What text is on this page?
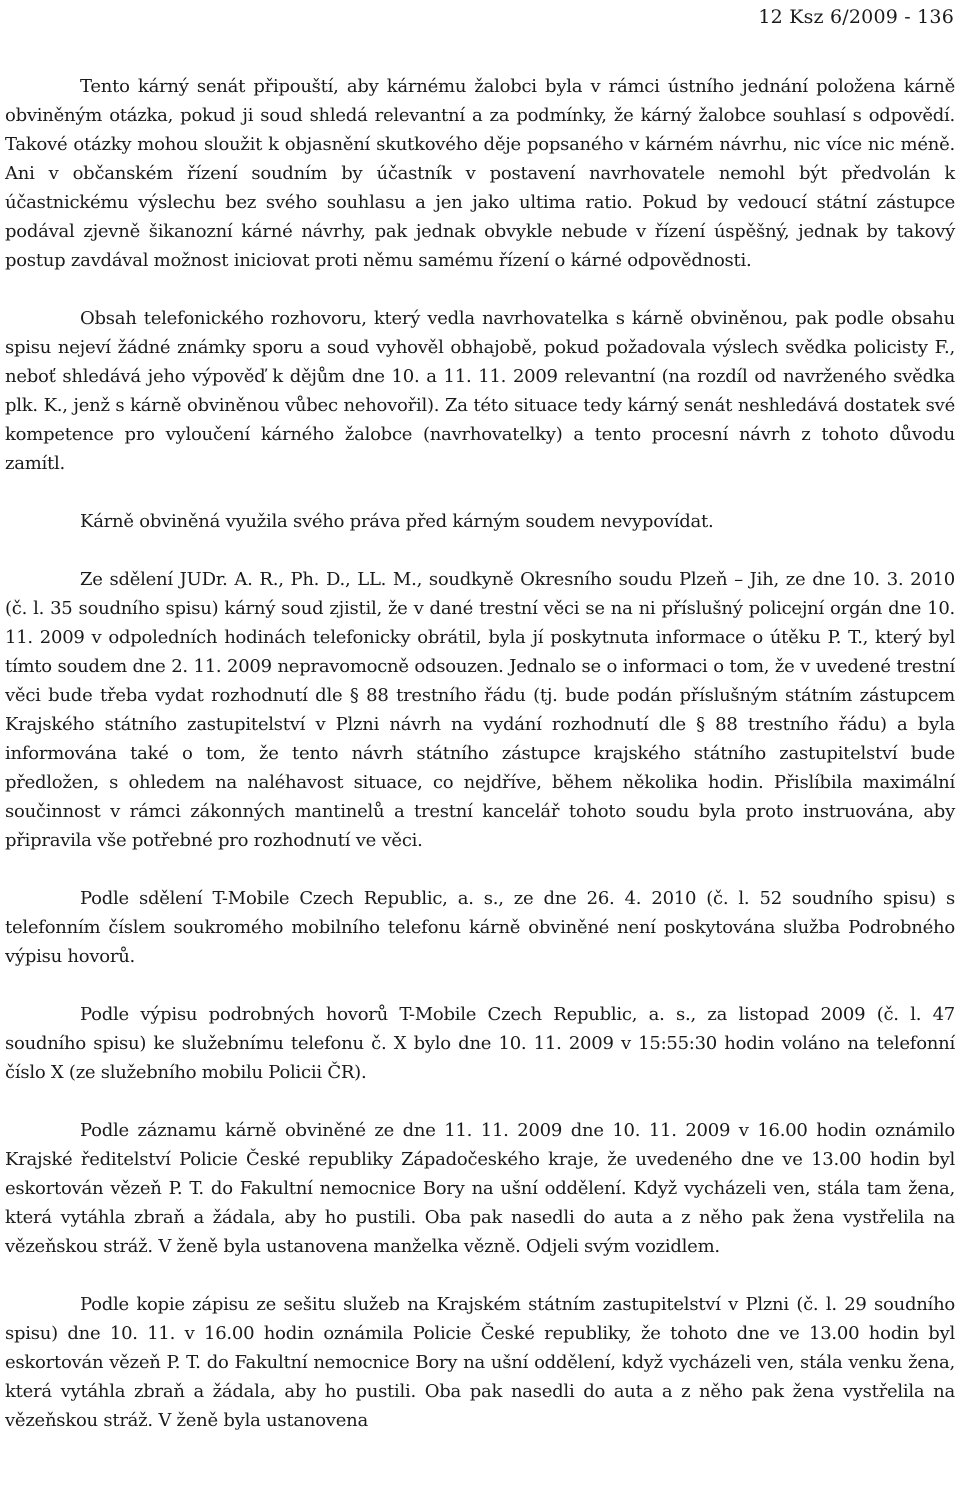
12 Ksz 6/2009 - 136

Tento kárný senát připouští, aby kárnému žalobci byla v rámci ústního jednání položena kárně obviněným otázka, pokud ji soud shledá relevantní a za podmínky, že kárný žalobce souhlasí s odpovědí. Takové otázky mohou sloužit k objasnění skutkového děje popsaného v kárném návrhu, nic více nic méně. Ani v občanském řízení soudním by účastník v postavení navrhovatele nemohl být předvolán k účastnickému výslechu bez svého souhlasu a jen jako ultima ratio. Pokud by vedoucí státní zástupce podával zjevně šikanozní kárné návrhy, pak jednak obvykle nebude v řízení úspěšný, jednak by takový postup zavdával možnost iniciovat proti němu samému řízení o kárné odpovědnosti.

Obsah telefonického rozhovoru, který vedla navrhovatelka s kárně obviněnou, pak podle obsahu spisu nejeví žádné známky sporu a soud vyhověl obhajobě, pokud požadovala výslech svědka policisty F., neboť shledává jeho výpověď k dějům dne 10. a 11. 11. 2009 relevantní (na rozdíl od navrženého svědka plk. K., jenž s kárně obviněnou vůbec nehovořil). Za této situace tedy kárný senát neshledává dostatek své kompetence pro vyloučení kárného žalobce (navrhovatelky) a tento procesní návrh z tohoto důvodu zamítl.

Kárně obviněná využila svého práva před kárným soudem nevypovídat.

Ze sdělení JUDr. A. R., Ph. D., LL. M., soudkyně Okresního soudu Plzeň – Jih, ze dne 10. 3. 2010 (č. l. 35 soudního spisu) kárný soud zjistil, že v dané trestní věci se na ni příslušný policejní orgán dne 10. 11. 2009 v odpoledních hodinách telefonicky obrátil, byla jí poskytnuta informace o útěku P. T., který byl tímto soudem dne 2. 11. 2009 nepravomocně odsouzen. Jednalo se o informaci o tom, že v uvedené trestní věci bude třeba vydat rozhodnutí dle § 88 trestního řádu (tj. bude podán příslušným státním zástupcem Krajského státního zastupitelství v Plzni návrh na vydání rozhodnutí dle § 88 trestního řádu) a byla informována také o tom, že tento návrh státního zástupce krajského státního zastupitelství bude předložen, s ohledem na naléhavost situace, co nejdříve, během několika hodin. Přislíbila maximální součinnost v rámci zákonných mantinelů a trestní kancelář tohoto soudu byla proto instruována, aby připravila vše potřebné pro rozhodnutí ve věci.

Podle sdělení T-Mobile Czech Republic, a. s., ze dne 26. 4. 2010 (č. l. 52 soudního spisu) s telefonním číslem soukromého mobilního telefonu kárně obviněné není poskytována služba Podrobného výpisu hovorů.

Podle výpisu podrobných hovorů T-Mobile Czech Republic, a. s., za listopad 2009 (č. l. 47 soudního spisu) ke služebnímu telefonu č. X bylo dne 10. 11. 2009 v 15:55:30 hodin voláno na telefonní číslo X (ze služebního mobilu Policii ČR).

Podle záznamu kárně obviněné ze dne 11. 11. 2009 dne 10. 11. 2009 v 16.00 hodin oznámilo Krajské ředitelství Policie České republiky Západočeského kraje, že uvedeného dne ve 13.00 hodin byl eskortován vězeň P. T. do Fakultní nemocnice Bory na ušní oddělení. Když vycházeli ven, stála tam žena, která vytáhla zbraň a žádala, aby ho pustili. Oba pak nasedli do auta a z něho pak žena vystřelila na vězeňskou stráž. V ženě byla ustanovena manželka vězně. Odjeli svým vozidlem.

Podle kopie zápisu ze sešitu služeb na Krajském státním zastupitelství v Plzni (č. l. 29 soudního spisu) dne 10. 11. v 16.00 hodin oznámila Policie České republiky, že tohoto dne ve 13.00 hodin byl eskortován vězeň P. T. do Fakultní nemocnice Bory na ušní oddělení, když vycházeli ven, stála venku žena, která vytáhla zbraň a žádala, aby ho pustili. Oba pak nasedli do auta a z něho pak žena vystřelila na vězeňskou stráž. V ženě byla ustanovena
